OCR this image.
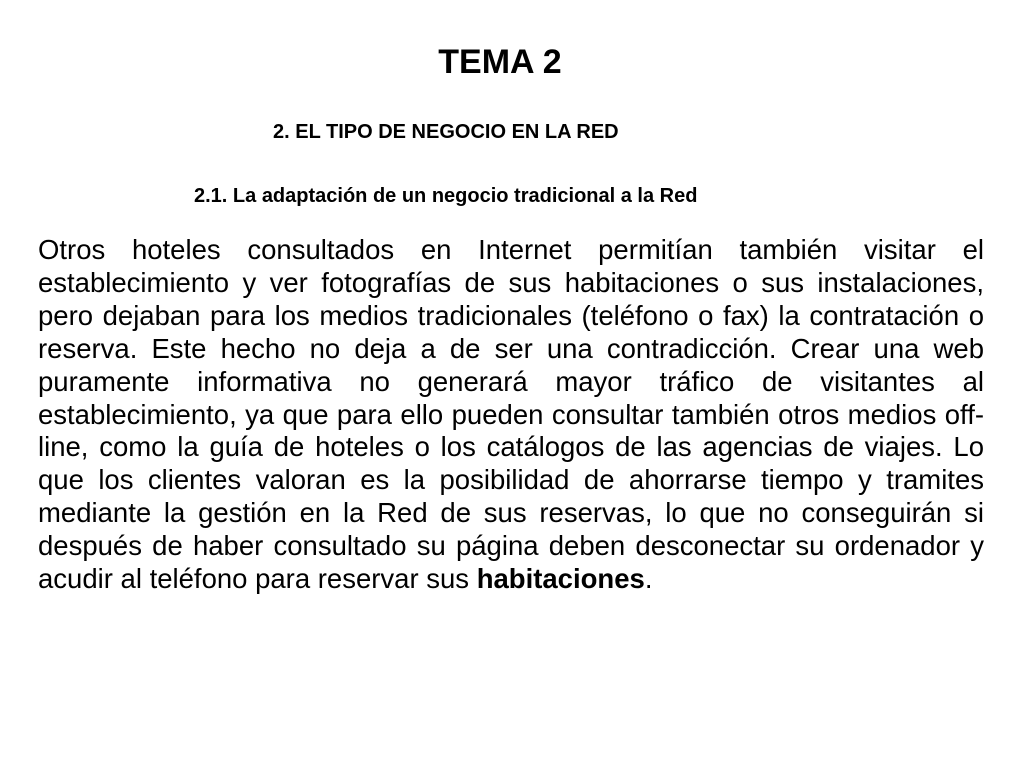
TEMA 2
2. EL TIPO DE NEGOCIO EN LA RED
2.1. La adaptación de un negocio tradicional a la Red

Otros hoteles consultados en Internet permitían también visitar el establecimiento y ver fotografías de sus habitaciones o sus instalaciones, pero dejaban para los medios tradicionales (teléfono o fax) la contratación o reserva. Este hecho no deja a de ser una contradicción. Crear una web puramente informativa no generará mayor tráfico de visitantes al establecimiento, ya que para ello pueden consultar también otros medios off-line, como la guía de hoteles o los catálogos de las agencias de viajes. Lo que los clientes valoran es la posibilidad de ahorrarse tiempo y tramites mediante la gestión en la Red de sus reservas, lo que no conseguirán si después de haber consultado su página deben desconectar su ordenador y acudir al teléfono para reservar sus habitaciones.
